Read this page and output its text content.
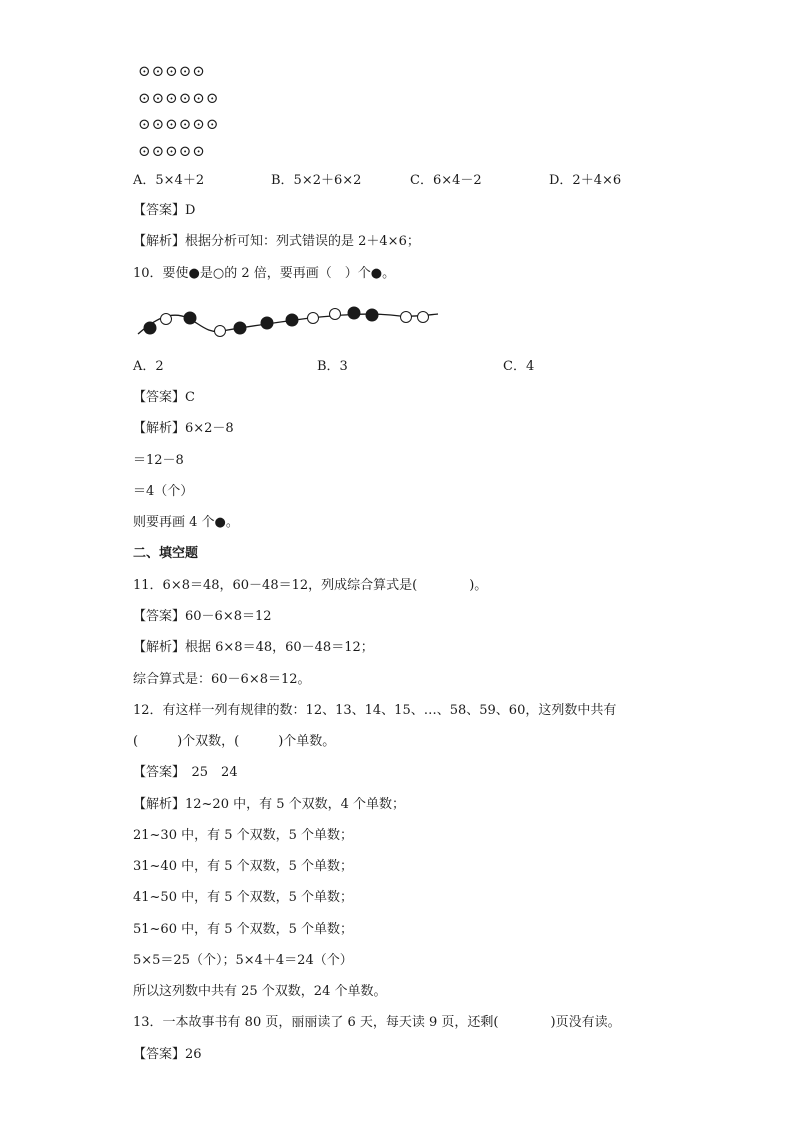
⊙⊙⊙⊙⊙
⊙⊙⊙⊙⊙⊙
⊙⊙⊙⊙⊙⊙
⊙⊙⊙⊙⊙
A．5×4＋2	B．5×2＋6×2	C．6×4－2	D．2＋4×6
【答案】D
【解析】根据分析可知：列式错误的是 2＋4×6；
10．要使●是○的 2 倍，要再画（　）个●。
A．2	B．3	C．4
【答案】C
【解析】6×2－8
＝12－8
＝4（个）
则要再画 4 个●。
二、填空题
11．6×8＝48，60－48＝12，列成综合算式是(　　　　)。
【答案】60－6×8＝12
【解析】根据 6×8＝48，60－48＝12；
综合算式是：60－6×8＝12。
12．有这样一列有规律的数：12、13、14、15、…、58、59、60，这列数中共有
(　　　)个双数，(　　　)个单数。
【答案】　25　24
【解析】12~20 中，有 5 个双数，4 个单数；
21~30 中，有 5 个双数，5 个单数；
31~40 中，有 5 个双数，5 个单数；
41~50 中，有 5 个双数，5 个单数；
51~60 中，有 5 个双数，5 个单数；
5×5＝25（个）；5×4＋4＝24（个）
所以这列数中共有 25 个双数，24 个单数。
13．一本故事书有 80 页，丽丽读了 6 天，每天读 9 页，还剩(　　　　)页没有读。
【答案】26
